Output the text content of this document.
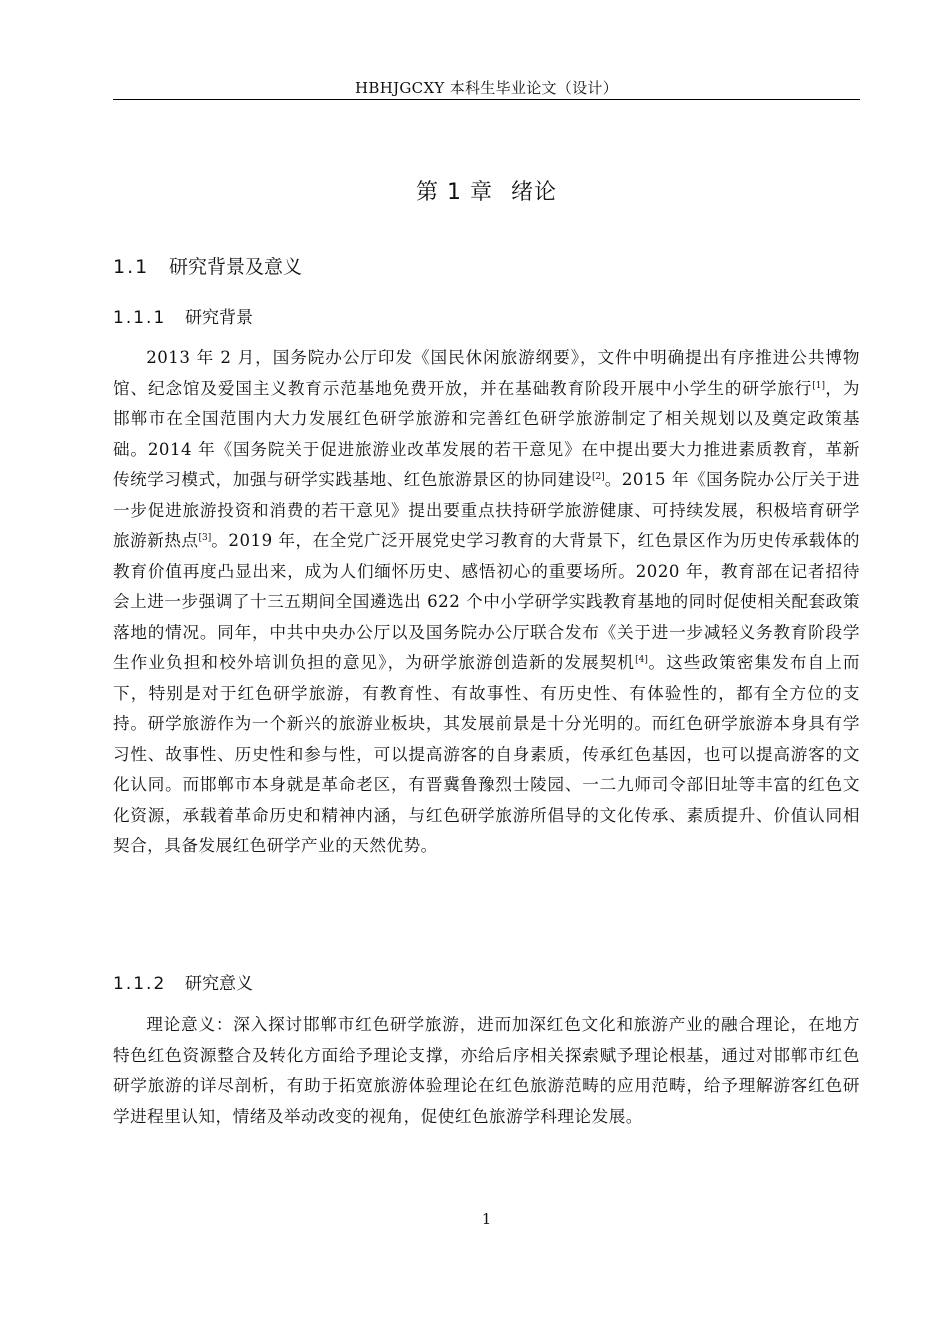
HBHJGCXY 本科生毕业论文（设计）
第 1 章 绪论
1.1 研究背景及意义
1.1.1 研究背景

2013 年 2 月，国务院办公厅印发《国民休闲旅游纲要》，文件中明确提出有序推进公共博物馆、纪念馆及爱国主义教育示范基地免费开放，并在基础教育阶段开展中小学生的研学旅行[1]，为邯郸市在全国范围内大力发展红色研学旅游和完善红色研学旅游制定了相关规划以及奠定政策基础。2014 年《国务院关于促进旅游业改革发展的若干意见》在中提出要大力推进素质教育，革新传统学习模式，加强与研学实践基地、红色旅游景区的协同建设[2]。2015 年《国务院办公厅关于进一步促进旅游投资和消费的若干意见》提出要重点扶持研学旅游健康、可持续发展，积极培育研学旅游新热点[3]。2019 年，在全党广泛开展党史学习教育的大背景下，红色景区作为历史传承载体的教育价值再度凸显出来，成为人们缅怀历史、感悟初心的重要场所。2020 年，教育部在记者招待会上进一步强调了十三五期间全国遴选出 622 个中小学研学实践教育基地的同时促使相关配套政策落地的情况。同年，中共中央办公厅以及国务院办公厅联合发布《关于进一步减轻义务教育阶段学生作业负担和校外培训负担的意见》，为研学旅游创造新的发展契机[4]。这些政策密集发布自上而下，特别是对于红色研学旅游，有教育性、有故事性、有历史性、有体验性的，都有全方位的支持。研学旅游作为一个新兴的旅游业板块，其发展前景是十分光明的。而红色研学旅游本身具有学习性、故事性、历史性和参与性，可以提高游客的自身素质，传承红色基因，也可以提高游客的文化认同。而邯郸市本身就是革命老区，有晋冀鲁豫烈士陵园、一二九师司令部旧址等丰富的红色文化资源，承载着革命历史和精神内涵，与红色研学旅游所倡导的文化传承、素质提升、价值认同相契合，具备发展红色研学产业的天然优势。

1.1.2 研究意义

理论意义：深入探讨邯郸市红色研学旅游，进而加深红色文化和旅游产业的融合理论，在地方特色红色资源整合及转化方面给予理论支撑，亦给后序相关探索赋予理论根基，通过对邯郸市红色研学旅游的详尽剖析，有助于拓宽旅游体验理论在红色旅游范畴的应用范畴，给予理解游客红色研学进程里认知，情绪及举动改变的视角，促使红色旅游学科理论发展。

1
